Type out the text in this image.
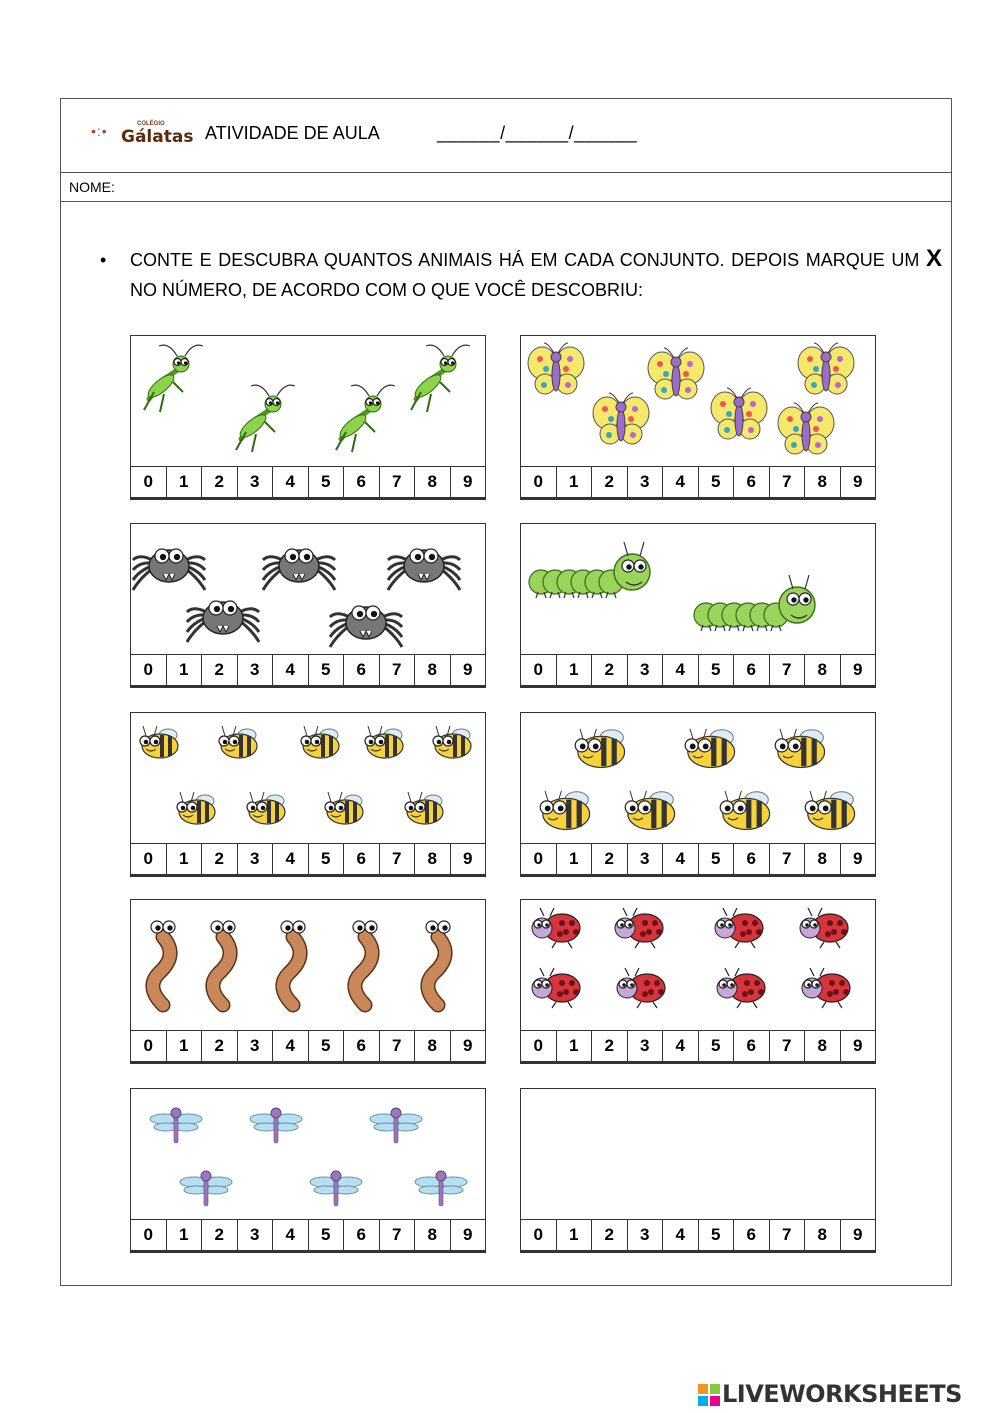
•:•	COLÉGIO
Gálatas ATIVIDADE DE AULA	______/______/______
NOME:
• CONTE E DESCUBRA QUANTOS ANIMAIS HÁ EM CADA CONJUNTO. DEPOIS MARQUE UM X NO NÚMERO, DE ACORDO COM O QUE VOCÊ DESCOBRIU:
0	1	2	3	4	5	6	7	8	9	0	1	2	3	4	5	6	7	8	9
0	1	2	3	4	5	6	7	8	9	0	1	2	3	4	5	6	7	8	9
0	1	2	3	4	5	6	7	8	9	0	1	2	3	4	5	6	7	8	9
0	1	2	3	4	5	6	7	8	9	0	1	2	3	4	5	6	7	8	9
0	1	2	3	4	5	6	7	8	9	0	1	2	3	4	5	6	7	8	9
LIVEWORKSHEETS
